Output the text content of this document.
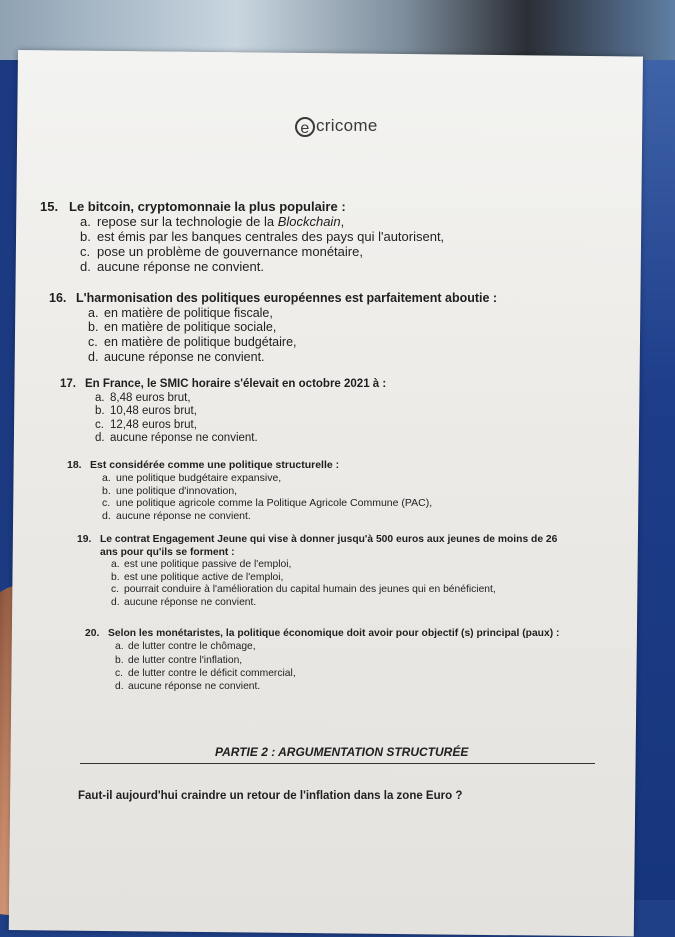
e cricome
15. Le bitcoin, cryptomonnaie la plus populaire :
a. repose sur la technologie de la Blockchain,
b. est émis par les banques centrales des pays qui l'autorisent,
c. pose un problème de gouvernance monétaire,
d. aucune réponse ne convient.
16. L'harmonisation des politiques européennes est parfaitement aboutie :
a. en matière de politique fiscale,
b. en matière de politique sociale,
c. en matière de politique budgétaire,
d. aucune réponse ne convient.
17. En France, le SMIC horaire s'élevait en octobre 2021 à :
a. 8,48 euros brut,
b. 10,48 euros brut,
c. 12,48 euros brut,
d. aucune réponse ne convient.
18. Est considérée comme une politique structurelle :
a. une politique budgétaire expansive,
b. une politique d'innovation,
c. une politique agricole comme la Politique Agricole Commune (PAC),
d. aucune réponse ne convient.
19. Le contrat Engagement Jeune qui vise à donner jusqu'à 500 euros aux jeunes de moins de 26
ans pour qu'ils se forment :
a. est une politique passive de l'emploi,
b. est une politique active de l'emploi,
c. pourrait conduire à l'amélioration du capital humain des jeunes qui en bénéficient,
d. aucune réponse ne convient.
20. Selon les monétaristes, la politique économique doit avoir pour objectif (s) principal (paux) :
a. de lutter contre le chômage,
b. de lutter contre l'inflation,
c. de lutter contre le déficit commercial,
d. aucune réponse ne convient.
PARTIE 2 : ARGUMENTATION STRUCTURÉE
Faut-il aujourd'hui craindre un retour de l'inflation dans la zone Euro ?
